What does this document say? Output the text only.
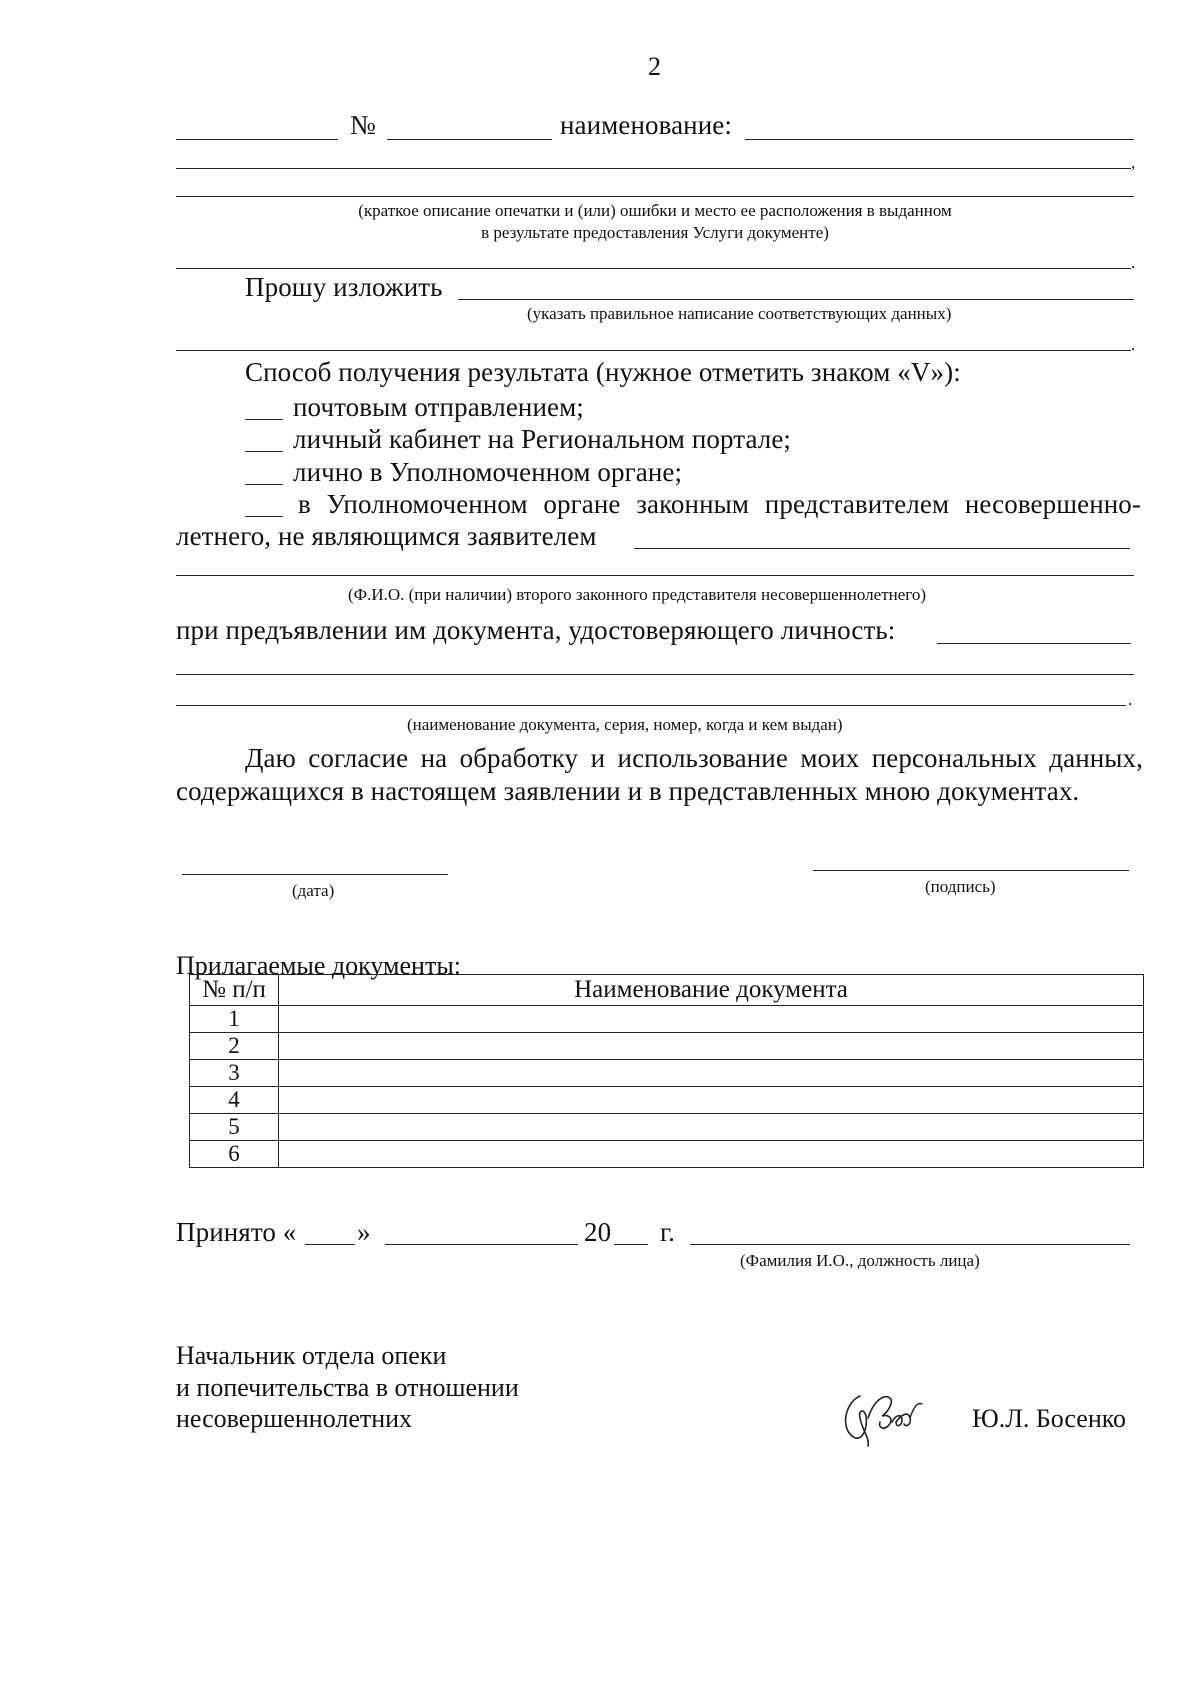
2
№	наименование:
,
(краткое описание опечатки и (или) ошибки и место ее расположения в выданном
в результате предоставления Услуги документе)
.
Прошу изложить
(указать правильное написание соответствующих данных)
.
Способ получения результата (нужное отметить знаком «V»):
почтовым отправлением;
личный кабинет на Региональном портале;
лично в Уполномоченном органе;
в Уполномоченном органе законным представителем несовершенно-
летнего, не являющимся заявителем
(Ф.И.О. (при наличии) второго законного представителя несовершеннолетнего)
при предъявлении им документа, удостоверяющего личность:
.
(наименование документа, серия, номер, когда и кем выдан)
Даю согласие на обработку и использование моих персональных данных,
содержащихся в настоящем заявлении и в представленных мною документах.
(дата)	(подпись)
Прилагаемые документы:
№ п/п	Наименование документа
1	
2	
3	
4	
5	
6	
Принято « »	20 г.
(Фамилия И.О., должность лица)
Начальник отдела опеки
и попечительства в отношении
несовершеннолетних	Ю.Л. Босенко
